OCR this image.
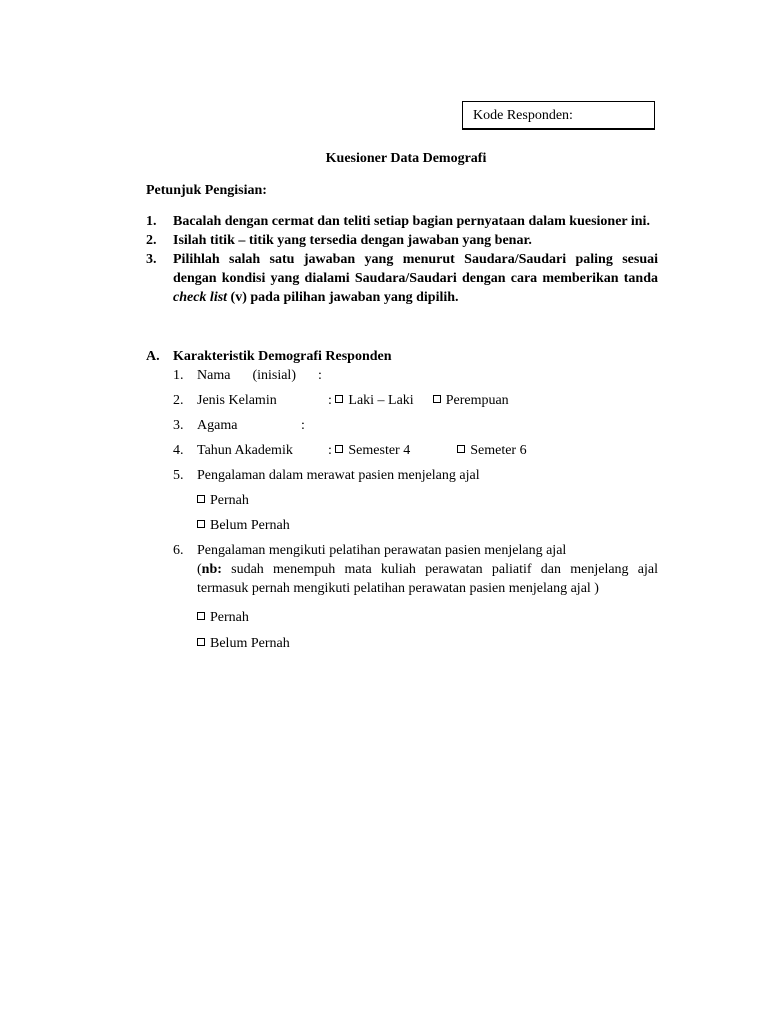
Kode Responden:
Kuesioner Data Demografi
Petunjuk Pengisian:
1.	Bacalah dengan cermat dan teliti setiap bagian pernyataan dalam kuesioner ini.
2.	Isilah titik – titik yang tersedia dengan jawaban yang benar.
3.	Pilihlah salah satu jawaban yang menurut Saudara/Saudari paling sesuai dengan kondisi yang dialami Saudara/Saudari dengan cara memberikan tanda check list (v) pada pilihan jawaban yang dipilih.
A. Karakteristik Demografi Responden
1. Nama (inisial) :
2. Jenis Kelamin	: Laki – Laki Perempuan
3. Agama	:
4. Tahun Akademik	: Semester 4	Semeter 6
5. Pengalaman dalam merawat pasien menjelang ajal
Pernah
Belum Pernah
6. Pengalaman mengikuti pelatihan perawatan pasien menjelang ajal
(nb: sudah menempuh mata kuliah perawatan paliatif dan menjelang ajal termasuk pernah mengikuti pelatihan perawatan pasien menjelang ajal )
Pernah
Belum Pernah
